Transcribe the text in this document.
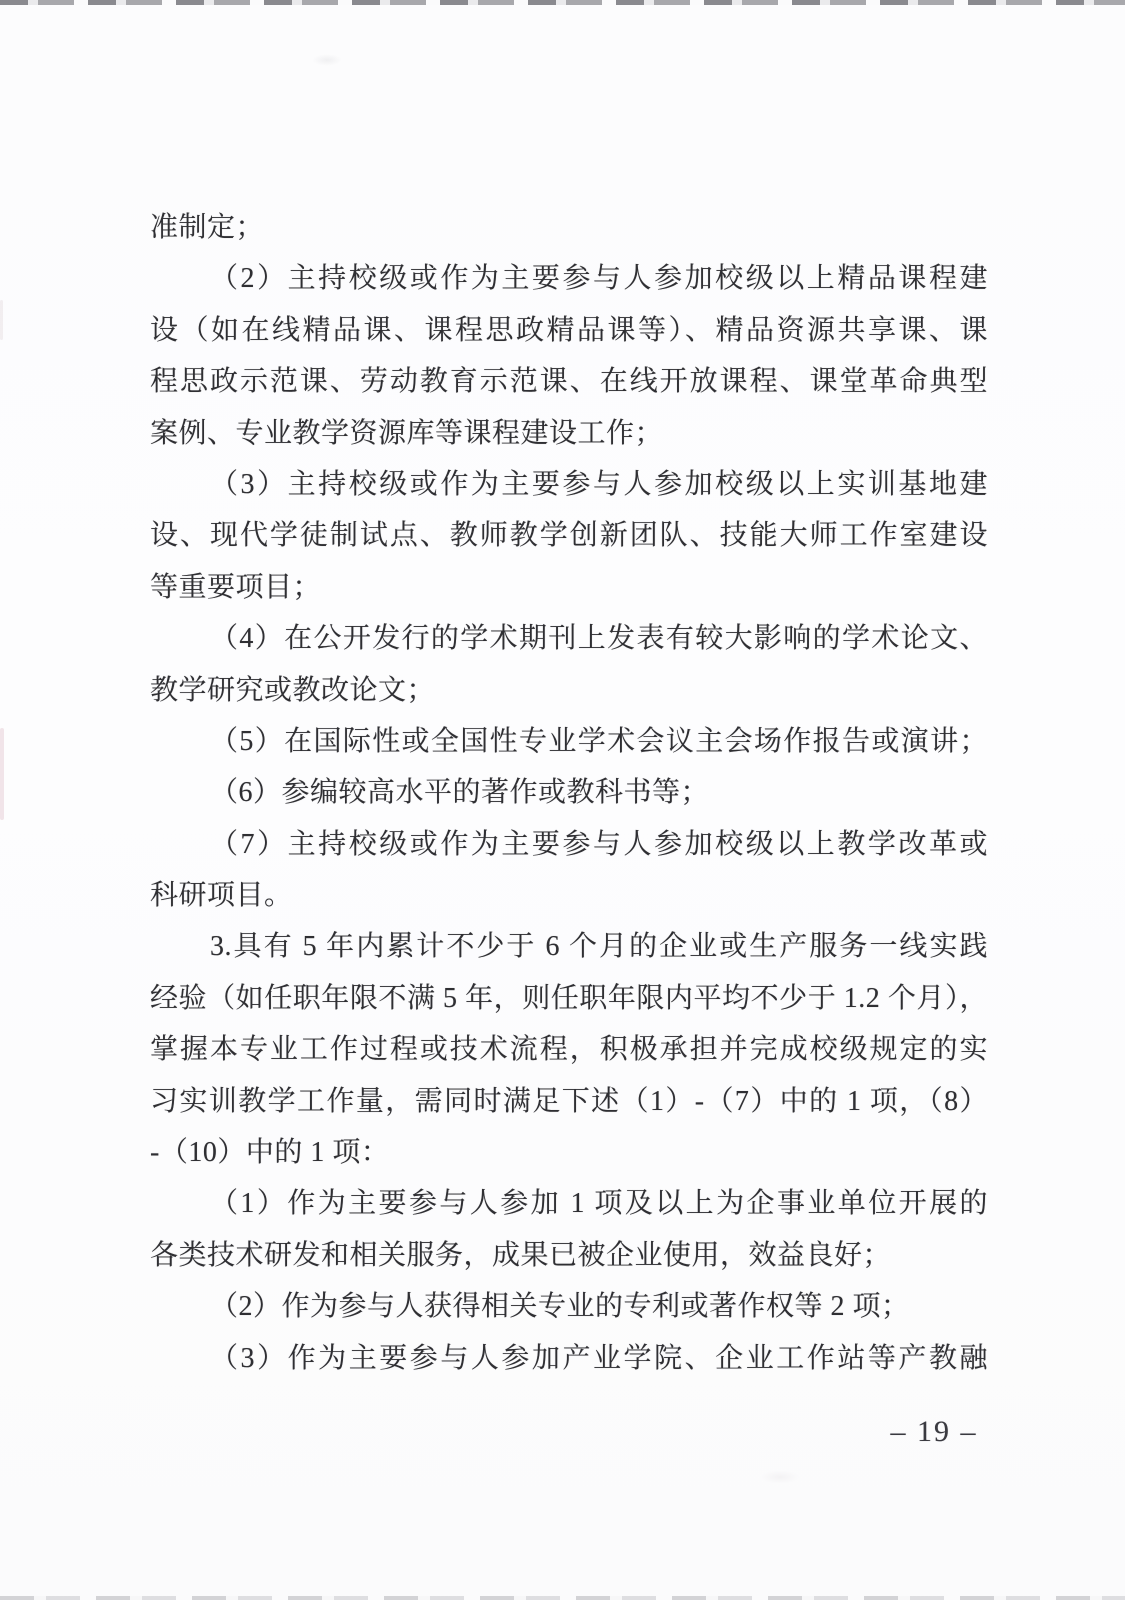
准制定；
（2）主持校级或作为主要参与人参加校级以上精品课程建
设（如在线精品课、课程思政精品课等）、精品资源共享课、课
程思政示范课、劳动教育示范课、在线开放课程、课堂革命典型
案例、专业教学资源库等课程建设工作；
（3）主持校级或作为主要参与人参加校级以上实训基地建
设、现代学徒制试点、教师教学创新团队、技能大师工作室建设
等重要项目；
（4）在公开发行的学术期刊上发表有较大影响的学术论文、
教学研究或教改论文；
（5）在国际性或全国性专业学术会议主会场作报告或演讲；
（6）参编较高水平的著作或教科书等；
（7）主持校级或作为主要参与人参加校级以上教学改革或
科研项目。
3.具有 5 年内累计不少于 6 个月的企业或生产服务一线实践
经验（如任职年限不满 5 年，则任职年限内平均不少于 1.2 个月），
掌握本专业工作过程或技术流程，积极承担并完成校级规定的实
习实训教学工作量，需同时满足下述（1）-（7）中的 1 项，（8）
-（10）中的 1 项：
（1）作为主要参与人参加 1 项及以上为企事业单位开展的
各类技术研发和相关服务，成果已被企业使用，效益良好；
（2）作为参与人获得相关专业的专利或著作权等 2 项；
（3）作为主要参与人参加产业学院、企业工作站等产教融
– 19 –
